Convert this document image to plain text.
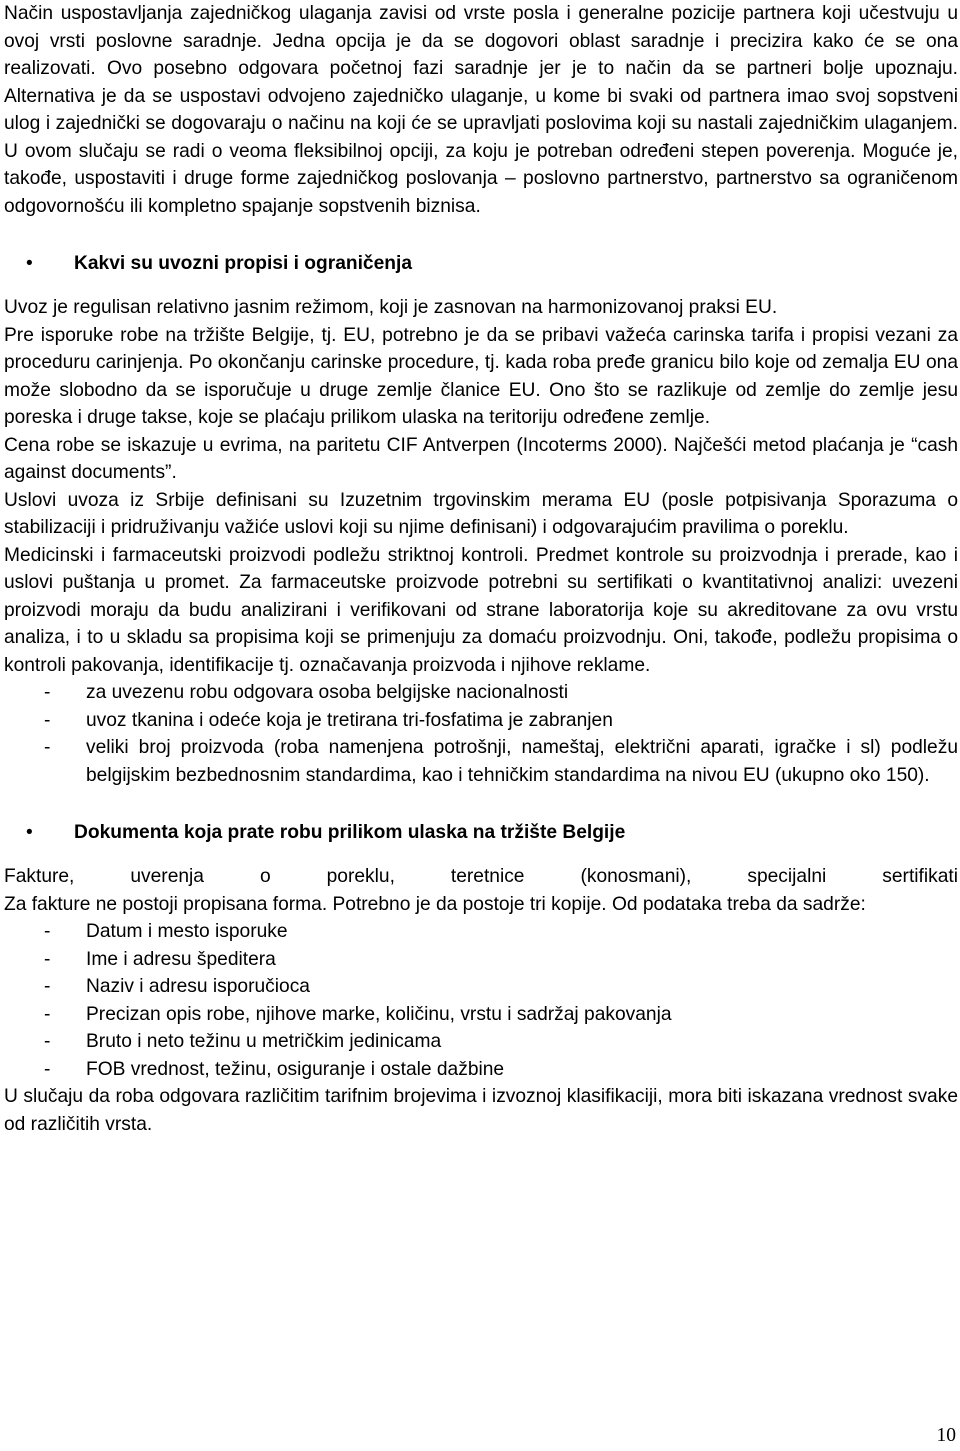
Način uspostavljanja zajedničkog ulaganja zavisi od vrste posla i generalne pozicije partnera koji učestvuju u ovoj vrsti poslovne saradnje. Jedna opcija je da se dogovori oblast saradnje i precizira kako će se ona realizovati. Ovo posebno odgovara početnoj fazi saradnje jer je to način da se partneri bolje upoznaju. Alternativa je da se uspostavi odvojeno zajedničko ulaganje, u kome bi svaki od partnera imao svoj sopstveni ulog i zajednički se dogovaraju o načinu na koji će se upravljati poslovima koji su nastali zajedničkim ulaganjem. U ovom slučaju se radi o veoma fleksibilnoj opciji, za koju je potreban određeni stepen poverenja. Moguće je, takođe, uspostaviti i druge forme zajedničkog poslovanja – poslovno partnerstvo, partnerstvo sa ograničenom odgovornošću ili kompletno spajanje sopstvenih biznisa.

•	Kakvi su uvozni propisi i ograničenja

Uvoz je regulisan relativno jasnim režimom, koji je zasnovan na harmonizovanoj praksi EU.

Pre isporuke robe na tržište Belgije, tj. EU, potrebno je da se pribavi važeća carinska tarifa i propisi vezani za proceduru carinjenja. Po okončanju carinske procedure, tj. kada roba pređe granicu bilo koje od zemalja EU ona može slobodno da se isporučuje u druge zemlje članice EU. Ono što se razlikuje od zemlje do zemlje jesu poreska i druge takse, koje se plaćaju prilikom ulaska na teritoriju određene zemlje.

Cena robe se iskazuje u evrima, na paritetu CIF Antverpen (Incoterms 2000). Najčešći metod plaćanja je “cash against documents”.

Uslovi uvoza iz Srbije definisani su Izuzetnim trgovinskim merama EU (posle potpisivanja Sporazuma o stabilizaciji i pridruživanju važiće uslovi koji su njime definisani) i odgovarajućim pravilima o poreklu.

Medicinski i farmaceutski proizvodi podležu striktnoj kontroli. Predmet kontrole su proizvodnja i prerade, kao i uslovi puštanja u promet. Za farmaceutske proizvode potrebni su sertifikati o kvantitativnoj analizi: uvezeni proizvodi moraju da budu analizirani i verifikovani od strane laboratorija koje su akreditovane za ovu vrstu analiza, i to u skladu sa propisima koji se primenjuju za domaću proizvodnju. Oni, takođe, podležu propisima o kontroli pakovanja, identifikacije tj. označavanja proizvoda i njihove reklame.

-	za uvezenu robu odgovara osoba belgijske nacionalnosti
-	uvoz tkanina i odeće koja je tretirana tri-fosfatima je zabranjen
-	veliki broj proizvoda (roba namenjena potrošnji, nameštaj, električni aparati, igračke i sl) podležu belgijskim bezbednosnim standardima, kao i tehničkim standardima na nivou EU (ukupno oko 150).
•	Dokumenta koja prate robu prilikom ulaska na tržište Belgije

Fakture, uverenja o poreklu, teretnice (konosmani), specijalni sertifikati

Za fakture ne postoji propisana forma. Potrebno je da postoje tri kopije. Od podataka treba da sadrže:

-	Datum i mesto isporuke
-	Ime i adresu špeditera
-	Naziv i adresu isporučioca
-	Precizan opis robe, njihove marke, količinu, vrstu i sadržaj pakovanja
-	Bruto i neto težinu u metričkim jedinicama
-	FOB vrednost, težinu, osiguranje i ostale dažbine

U slučaju da roba odgovara različitim tarifnim brojevima i izvoznoj klasifikaciji, mora biti iskazana vrednost svake od različitih vrsta.

10
